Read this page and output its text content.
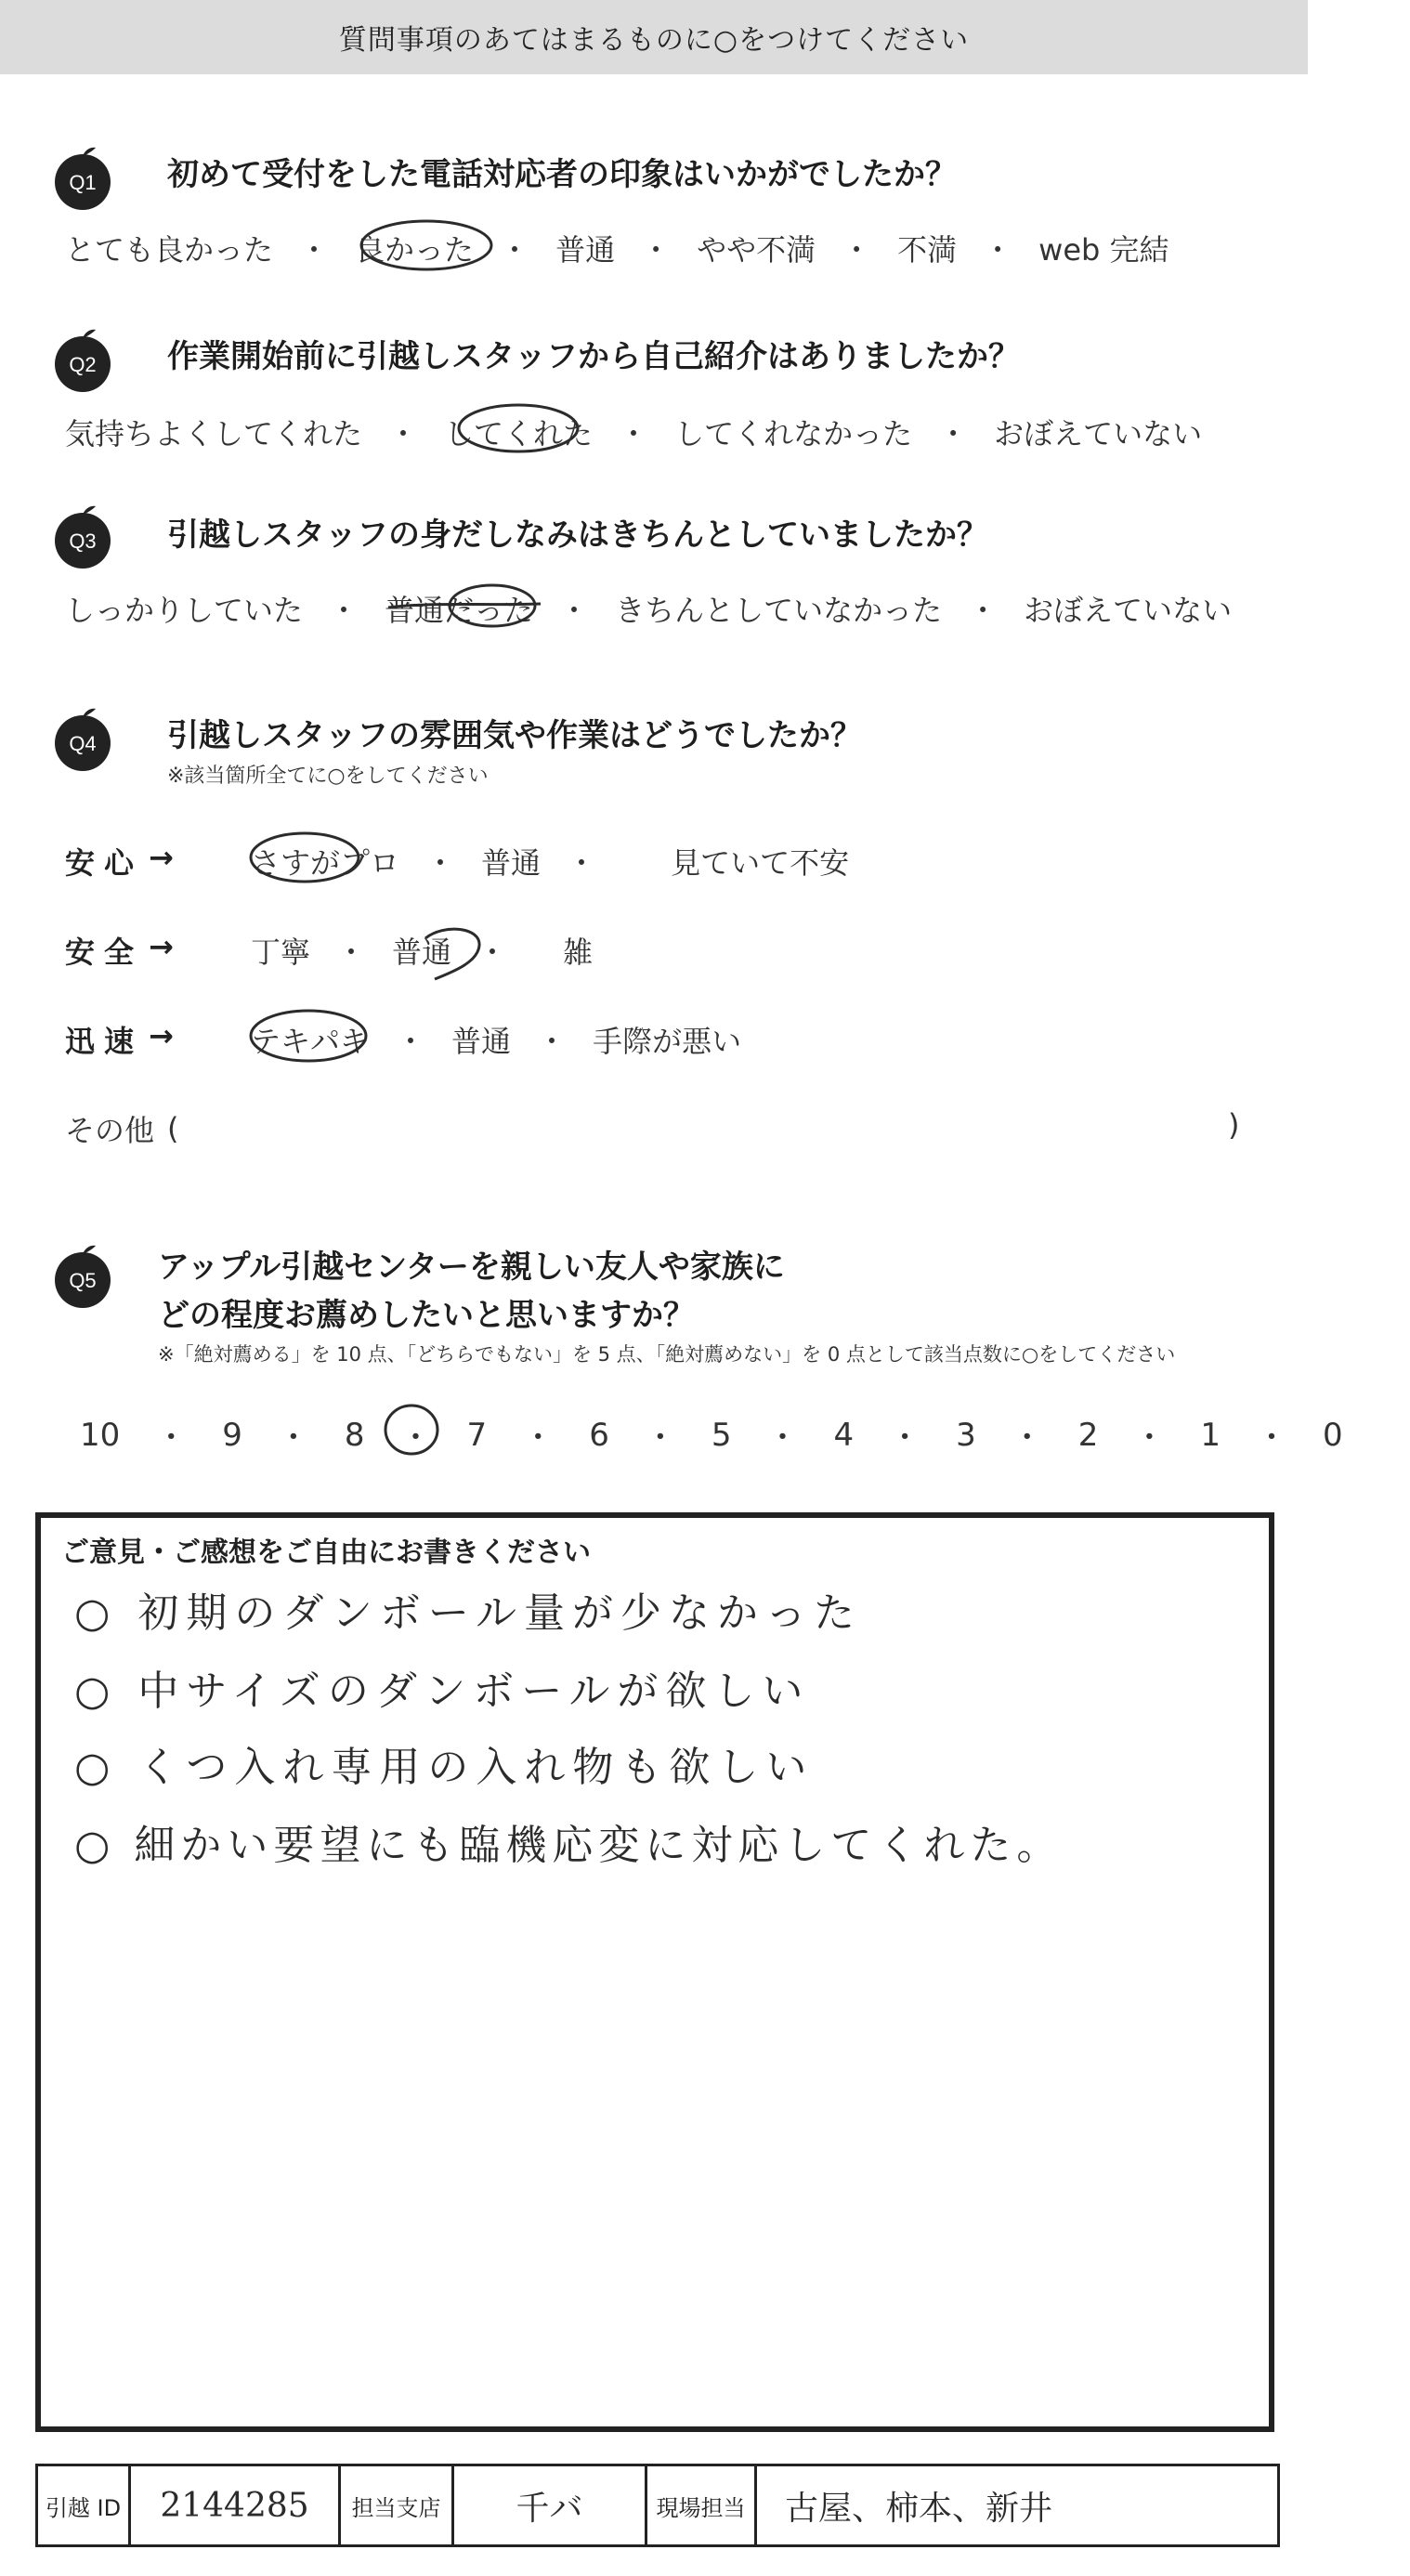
質問事項のあてはまるものに○をつけてください
Q1 初めて受付をした電話対応者の印象はいかがでしたか？
とても良かった ・ 良かった ・ 普通 ・ やや不満 ・ 不満 ・ web 完結
Q2 作業開始前に引越しスタッフから自己紹介はありましたか？
気持ちよくしてくれた ・ してくれた ・ してくれなかった ・ おぼえていない
Q3 引越しスタッフの身だしなみはきちんとしていましたか？
しっかりしていた ・ 普通だった ・ きちんとしていなかった ・ おぼえていない
Q4 引越しスタッフの雰囲気や作業はどうでしたか？
※該当箇所全てに○をしてください
安心 →	さすがプロ ・ 普通 ・	見ていて不安
安全 →	丁寧 ・ 普通 ・ 雑
迅速 →	テキパキ ・ 普通 ・ 手際が悪い
その他 (	)
Q5 アップル引越センターを親しい友人や家族に
どの程度お薦めしたいと思いますか？
※「絶対薦める」を 10 点、「どちらでもない」を 5 点、「絶対薦めない」を 0 点として該当点数に○をしてください
10 ・ 9 ・ 8 ・ 7 ・ 6 ・ 5 ・ 4 ・ 3 ・ 2 ・ 1 ・ 0
ご意見・ご感想をご自由にお書きください
○ 初期のダンボール量が少なかった
○ 中サイズのダンボールが欲しい
○ くつ入れ専用の入れ物も欲しい
○ 細かい要望にも臨機応変に対応してくれた。
引越 ID 2144285 担当支店 千バ	現場担当 古屋、柿本、新井
